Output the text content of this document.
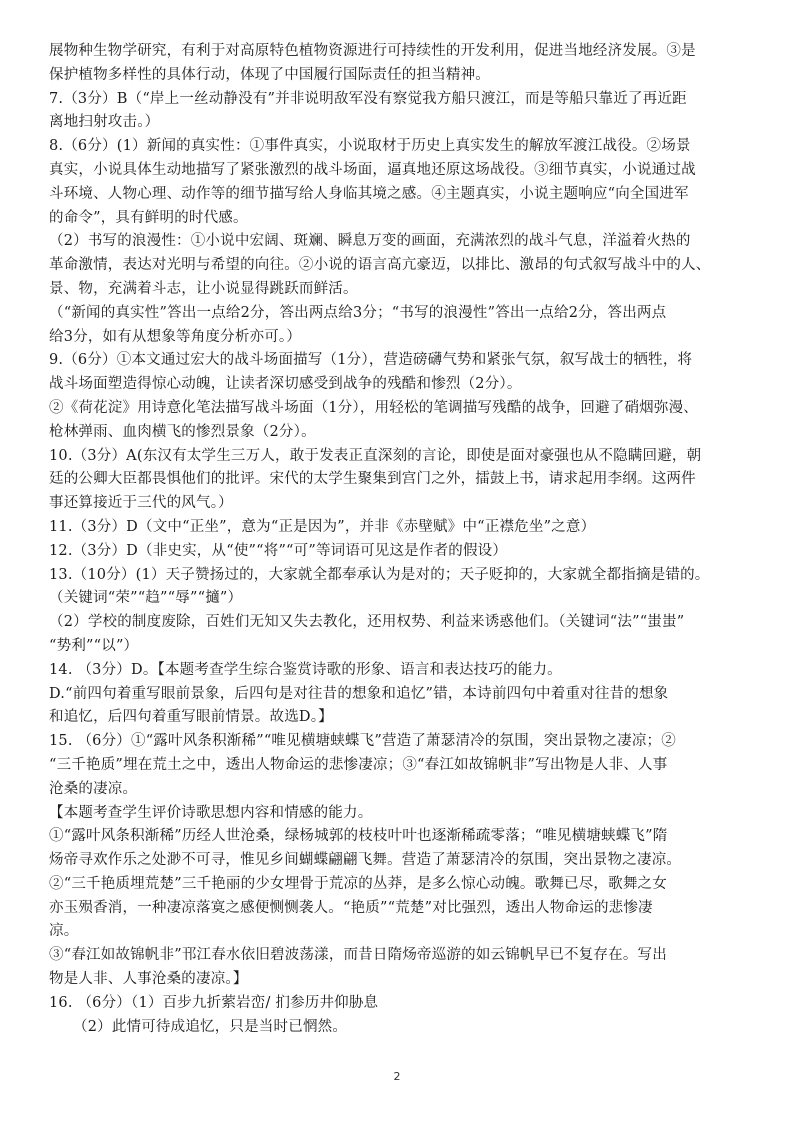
展物种生物学研究，有利于对高原特色植物资源进行可持续性的开发利用，促进当地经济发展。③是

保护植物多样性的具体行动，体现了中国履行国际责任的担当精神。

7.（3分）B（“岸上一丝动静没有”并非说明敌军没有察觉我方船只渡江，而是等船只靠近了再近距

离地扫射攻击。）

8.（6分）(1）新闻的真实性：①事件真实，小说取材于历史上真实发生的解放军渡江战役。②场景

真实，小说具体生动地描写了紧张激烈的战斗场面，逼真地还原这场战役。③细节真实，小说通过战

斗环境、人物心理、动作等的细节描写给人身临其境之感。④主题真实，小说主题响应“向全国进军

的命令”，具有鲜明的时代感。

（2）书写的浪漫性：①小说中宏阔、斑斓、瞬息万变的画面，充满浓烈的战斗气息，洋溢着火热的

革命激情，表达对光明与希望的向往。②小说的语言高亢豪迈，以排比、激昂的句式叙写战斗中的人、

景、物，充满着斗志，让小说显得跳跃而鲜活。

（“新闻的真实性”答出一点给2分，答出两点给3分；“书写的浪漫性”答出一点给2分，答出两点

给3分，如有从想象等角度分析亦可。）

9.（6分）①本文通过宏大的战斗场面描写（1分），营造磅礴气势和紧张气氛，叙写战士的牺牲，将

战斗场面塑造得惊心动魄，让读者深切感受到战争的残酷和惨烈（2分）。

②《荷花淀》用诗意化笔法描写战斗场面（1分），用轻松的笔调描写残酷的战争，回避了硝烟弥漫、

枪林弹雨、血肉横飞的惨烈景象（2分）。

10.（3分）A(东汉有太学生三万人，敢于发表正直深刻的言论，即使是面对豪强也从不隐瞒回避，朝

廷的公卿大臣都畏惧他们的批评。宋代的太学生聚集到宫门之外，擂鼓上书，请求起用李纲。这两件

事还算接近于三代的风气。）

11.（3分）D（文中“正坐”，意为“正是因为”，并非《赤壁赋》中“正襟危坐”之意）

12.（3分）D（非史实，从“使”“将”“可”等词语可见这是作者的假设）

13.（10分）(1）天子赞扬过的，大家就全都奉承认为是对的；天子贬抑的，大家就全都指摘是错的。

（关键词“荣”“趋”“辱”“擿”）

（2）学校的制度废除，百姓们无知又失去教化，还用权势、利益来诱惑他们。（关键词“法”“蚩蚩”

“势利”“以”）

14. （3分）D。【本题考查学生综合鉴赏诗歌的形象、语言和表达技巧的能力。

D.“前四句着重写眼前景象，后四句是对往昔的想象和追忆”错，本诗前四句中着重对往昔的想象

和追忆，后四句着重写眼前情景。故选D。】

15. （6分）①“露叶风条积渐稀”“唯见横塘蛱蝶飞”营造了萧瑟清冷的氛围，突出景物之凄凉；②

“三千艳质”埋在荒土之中，透出人物命运的悲惨凄凉；③“春江如故锦帆非”写出物是人非、人事

沧桑的凄凉。

【本题考查学生评价诗歌思想内容和情感的能力。

①“露叶风条积渐稀”历经人世沧桑，绿杨城郭的枝枝叶叶也逐渐稀疏零落；“唯见横塘蛱蝶飞”隋

炀帝寻欢作乐之处渺不可寻，惟见乡间蝴蝶翩翩飞舞。营造了萧瑟清冷的氛围，突出景物之凄凉。

②“三千艳质埋荒楚”三千艳丽的少女埋骨于荒凉的丛莽，是多么惊心动魄。歌舞已尽，歌舞之女

亦玉殒香消，一种凄凉落寞之感便恻恻袭人。“艳质”“荒楚”对比强烈，透出人物命运的悲惨凄

凉。

③“春江如故锦帆非”邗江春水依旧碧波荡漾，而昔日隋炀帝巡游的如云锦帆早已不复存在。写出

物是人非、人事沧桑的凄凉。】

16. （6分）（1）百步九折萦岩峦/ 扪参历井仰胁息

（2）此情可待成追忆，只是当时已惘然。

2
